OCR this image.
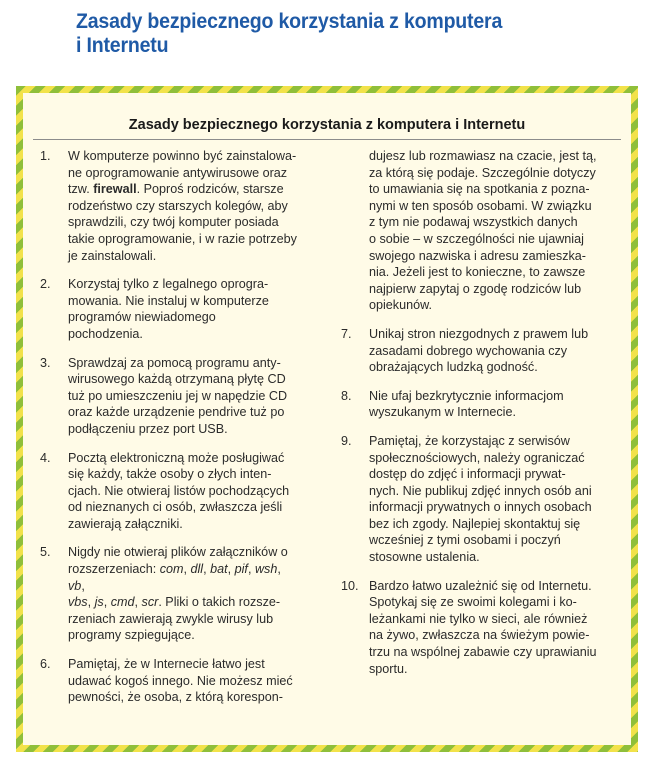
Zasady bezpiecznego korzystania z komputera
i Internetu
Zasady bezpiecznego korzystania z komputera i Internetu
1. W komputerze powinno być zainstalowa-
ne oprogramowanie antywirusowe oraz
tzw. firewall. Poproś rodziców, starsze
rodzeństwo czy starszych kolegów, aby
sprawdzili, czy twój komputer posiada
takie oprogramowanie, i w razie potrzeby
je zainstalowali.

2. Korzystaj tylko z legalnego oprogra-
mowania. Nie instaluj w komputerze
programów niewiadomego
pochodzenia.

3. Sprawdzaj za pomocą programu anty-
wirusowego każdą otrzymaną płytę CD
tuż po umieszczeniu jej w napędzie CD
oraz każde urządzenie pendrive tuż po
podłączeniu przez port USB.

4. Pocztą elektroniczną może posługiwać
się każdy, także osoby o złych inten-
cjach. Nie otwieraj listów pochodzących
od nieznanych ci osób, zwłaszcza jeśli
zawierają załączniki.

5. Nigdy nie otwieraj plików załączników o
rozszerzeniach: com, dll, bat, pif, wsh, vb,
vbs, js, cmd, scr. Pliki o takich rozsze-
rzeniach zawierają zwykle wirusy lub
programy szpiegujące.

6. Pamiętaj, że w Internecie łatwo jest
udawać kogoś innego. Nie możesz mieć
pewności, że osoba, z którą korespon-

dujesz lub rozmawiasz na czacie, jest tą,
za którą się podaje. Szczególnie dotyczy
to umawiania się na spotkania z pozna-
nymi w ten sposób osobami. W związku
z tym nie podawaj wszystkich danych
o sobie – w szczególności nie ujawniaj
swojego nazwiska i adresu zamieszka-
nia. Jeżeli jest to konieczne, to zawsze
najpierw zapytaj o zgodę rodziców lub
opiekunów.

7. Unikaj stron niezgodnych z prawem lub
zasadami dobrego wychowania czy
obrażających ludzką godność.

8. Nie ufaj bezkrytycznie informacjom
wyszukanym w Internecie.

9. Pamiętaj, że korzystając z serwisów
społecznościowych, należy ograniczać
dostęp do zdjęć i informacji prywat-
nych. Nie publikuj zdjęć innych osób ani
informacji prywatnych o innych osobach
bez ich zgody. Najlepiej skontaktuj się
wcześniej z tymi osobami i poczyń
stosowne ustalenia.

10. Bardzo łatwo uzależnić się od Internetu.
Spotykaj się ze swoimi kolegami i ko-
leżankami nie tylko w sieci, ale również
na żywo, zwłaszcza na świeżym powie-
trzu na wspólnej zabawie czy uprawianiu
sportu.
